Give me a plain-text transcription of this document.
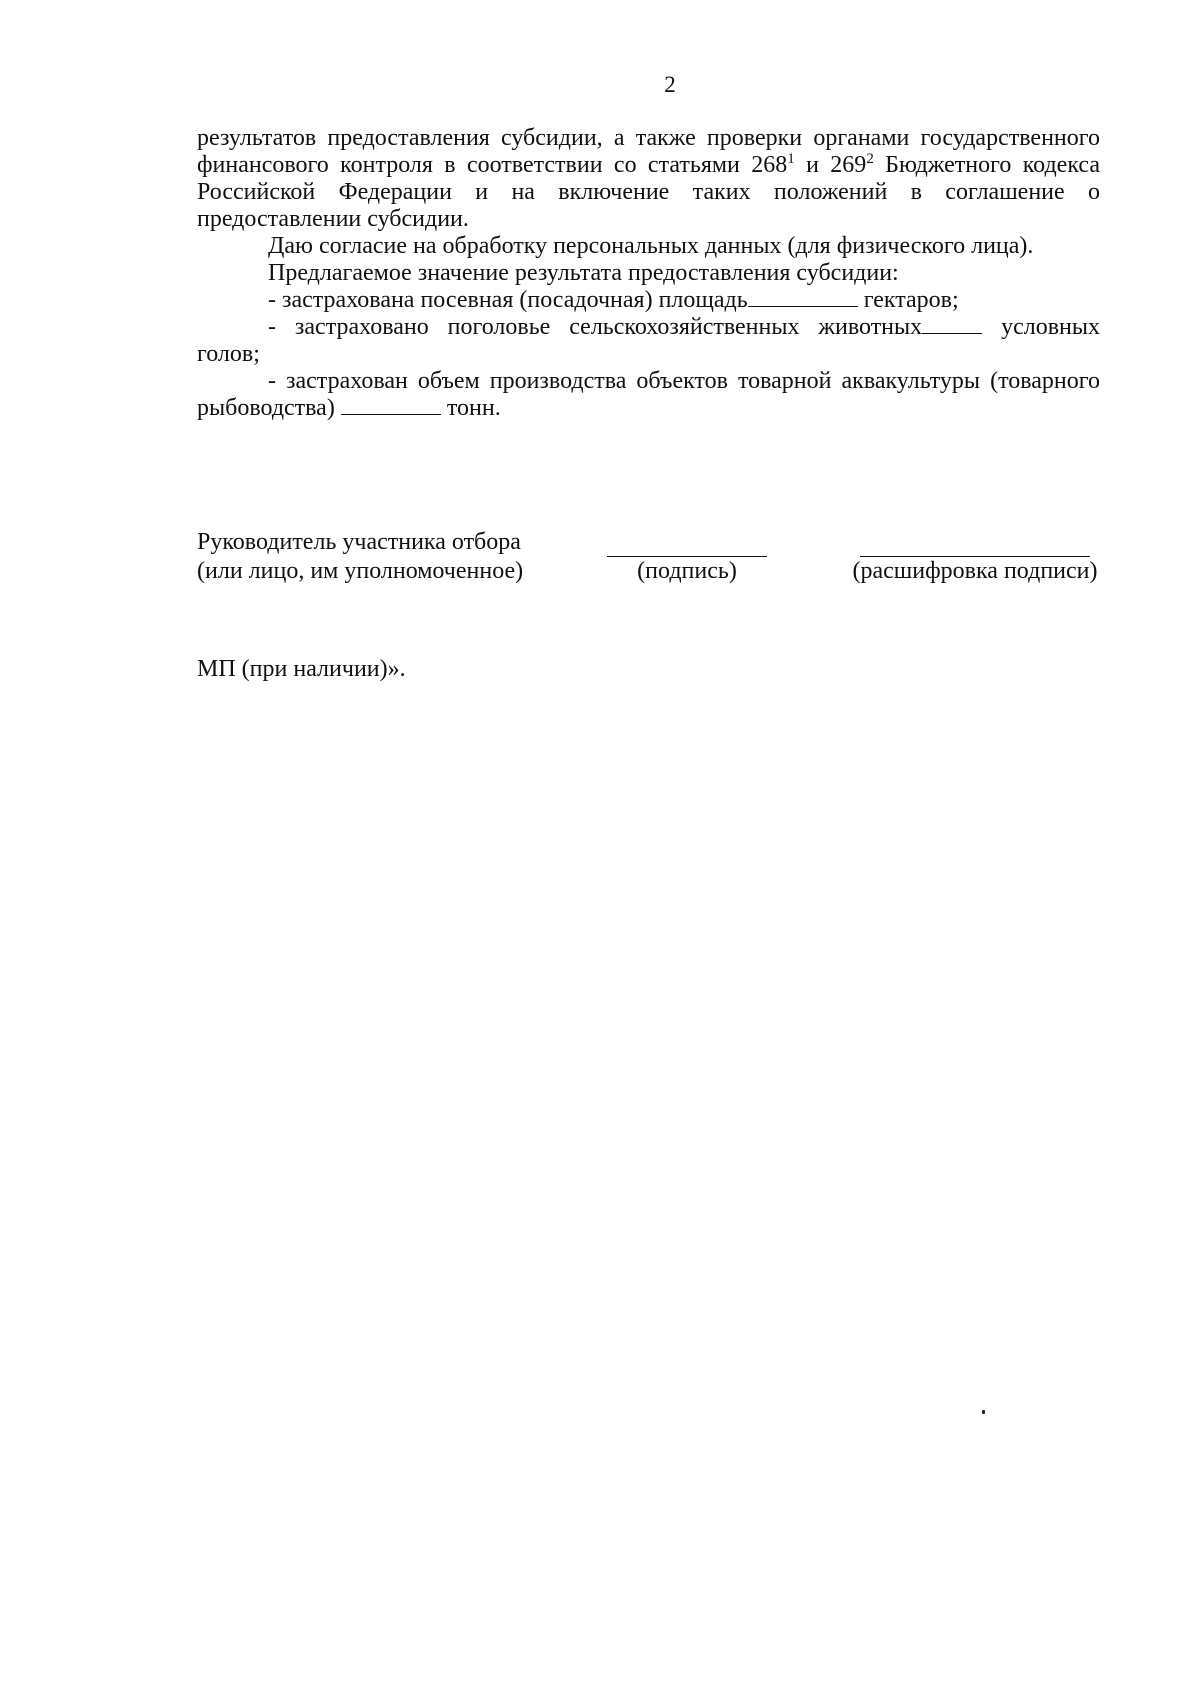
2

результатов предоставления субсидии, а также проверки органами государственного финансового контроля в соответствии со статьями $268^1$ и $269^2$ Бюджетного кодекса Российской Федерации и на включение таких положений в соглашение о предоставлении субсидии.

Даю согласие на обработку персональных данных (для физического лица).

Предлагаемое значение результата предоставления субсидии:

- застрахована посевная (посадочная) площадь	гектаров;

- застраховано поголовье сельскохозяйственных животных	условных голов;

- застрахован объем производства объектов товарной аквакультуры (товарного рыбоводства)	тонн.

Руководитель участника отбора
(или лицо, им уполномоченное)	(подпись)	(расшифровка подписи)
МП (при наличии)».
